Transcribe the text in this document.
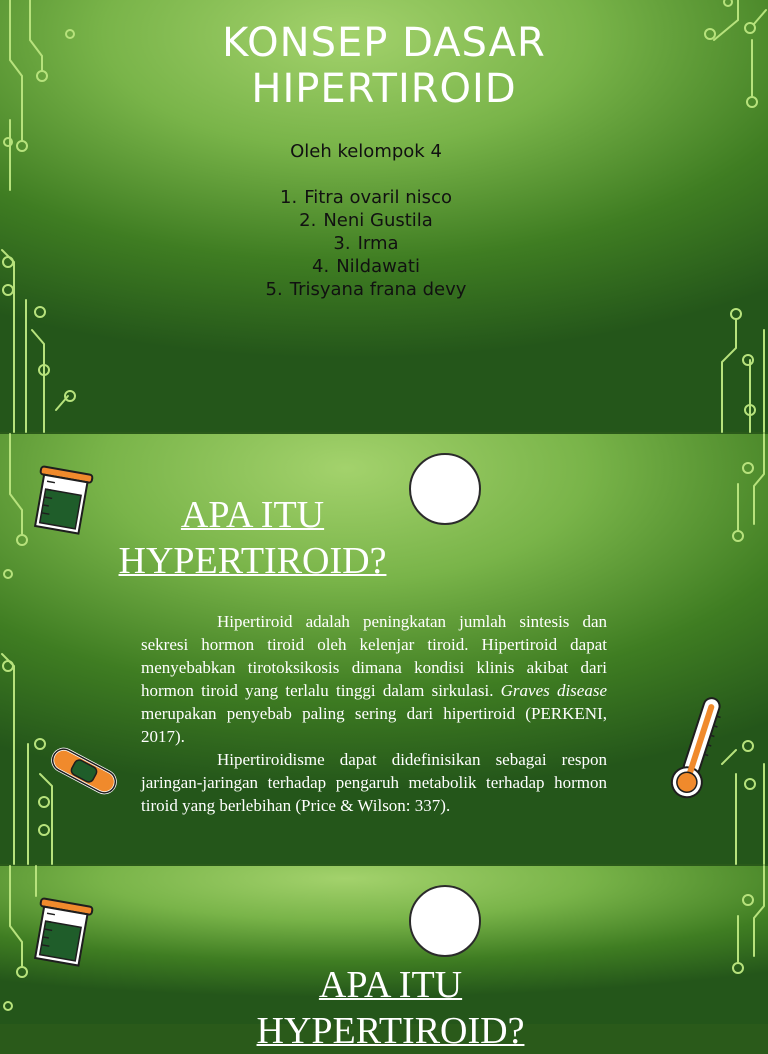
KONSEP DASAR
HIPERTIROID
Oleh kelompok 4
1. Fitra ovaril nisco
2. Neni Gustila
3. Irma
4. Nildawati
5. Trisyana frana devy
APA ITU
HYPERTIROID?

Hipertiroid adalah peningkatan jumlah sintesis dan sekresi hormon tiroid oleh kelenjar tiroid. Hipertiroid dapat menyebabkan tirotoksikosis dimana kondisi klinis akibat dari hormon tiroid yang terlalu tinggi dalam sirkulasi. Graves disease merupakan penyebab paling sering dari hipertiroid (PERKENI, 2017).

Hipertiroidisme dapat didefinisikan sebagai respon jaringan-jaringan terhadap pengaruh metabolik terhadap hormon tiroid yang berlebihan (Price & Wilson: 337).

APA ITU
HYPERTIROID?
